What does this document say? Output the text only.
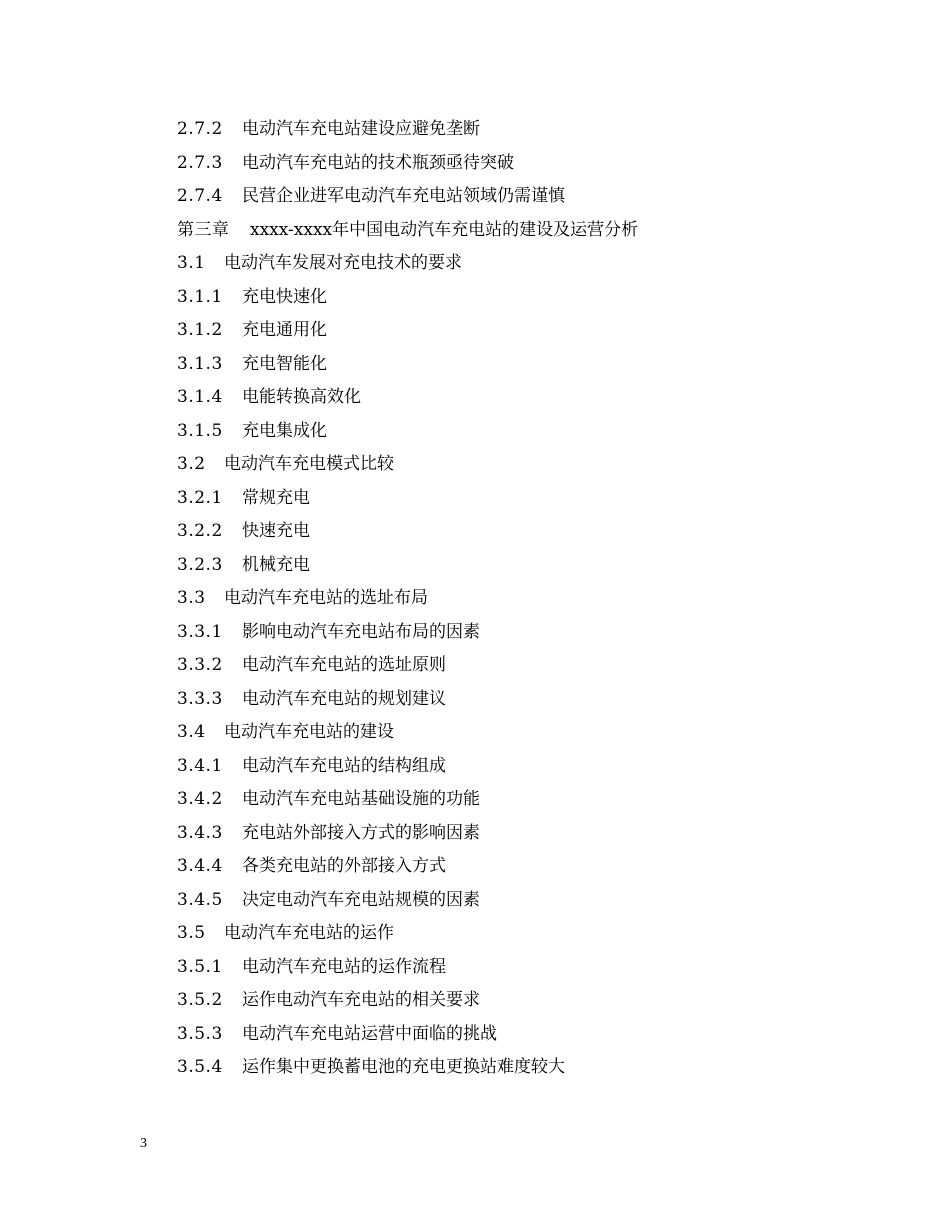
2.7.2	电动汽车充电站建设应避免垄断
2.7.3	电动汽车充电站的技术瓶颈亟待突破
2.7.4	民营企业进军电动汽车充电站领域仍需谨慎
第三章	xxxx-xxxx年中国电动汽车充电站的建设及运营分析
3.1	电动汽车发展对充电技术的要求
3.1.1	充电快速化
3.1.2	充电通用化
3.1.3	充电智能化
3.1.4	电能转换高效化
3.1.5	充电集成化
3.2	电动汽车充电模式比较
3.2.1	常规充电
3.2.2	快速充电
3.2.3	机械充电
3.3	电动汽车充电站的选址布局
3.3.1	影响电动汽车充电站布局的因素
3.3.2	电动汽车充电站的选址原则
3.3.3	电动汽车充电站的规划建议
3.4	电动汽车充电站的建设
3.4.1	电动汽车充电站的结构组成
3.4.2	电动汽车充电站基础设施的功能
3.4.3	充电站外部接入方式的影响因素
3.4.4	各类充电站的外部接入方式
3.4.5	决定电动汽车充电站规模的因素
3.5	电动汽车充电站的运作
3.5.1	电动汽车充电站的运作流程
3.5.2	运作电动汽车充电站的相关要求
3.5.3	电动汽车充电站运营中面临的挑战
3.5.4	运作集中更换蓄电池的充电更换站难度较大
3
